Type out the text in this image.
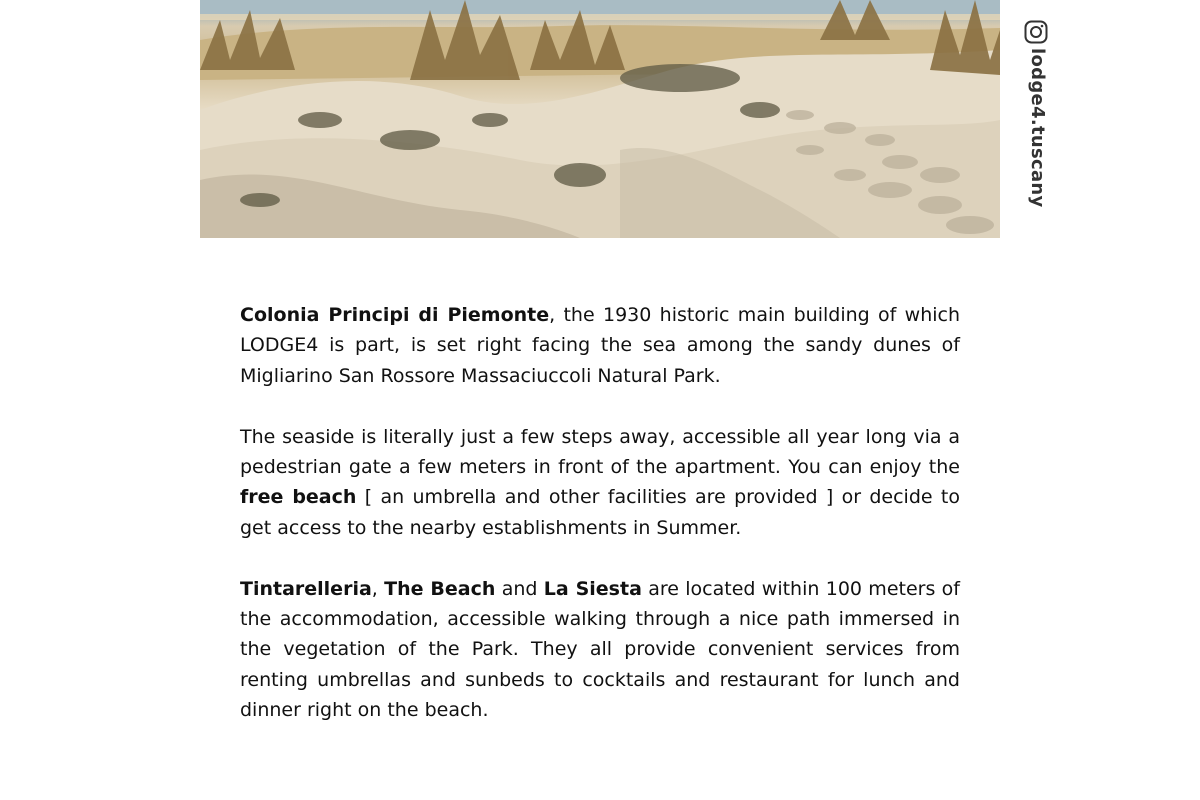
lodge4.tuscany

Colonia Principi di Piemonte, the 1930 historic main building of which LODGE4 is part, is set right facing the sea among the sandy dunes of Migliarino San Rossore Massaciuccoli Natural Park.

The seaside is literally just a few steps away, accessible all year long via a pedestrian gate a few meters in front of the apartment. You can enjoy the free beach [ an umbrella and other facilities are provided ] or decide to get access to the nearby establishments in Summer.

Tintarelleria, The Beach and La Siesta are located within 100 meters of the accommodation, accessible walking through a nice path immersed in the vegetation of the Park. They all provide convenient services from renting umbrellas and sunbeds to cocktails and restaurant for lunch and dinner right on the beach.
